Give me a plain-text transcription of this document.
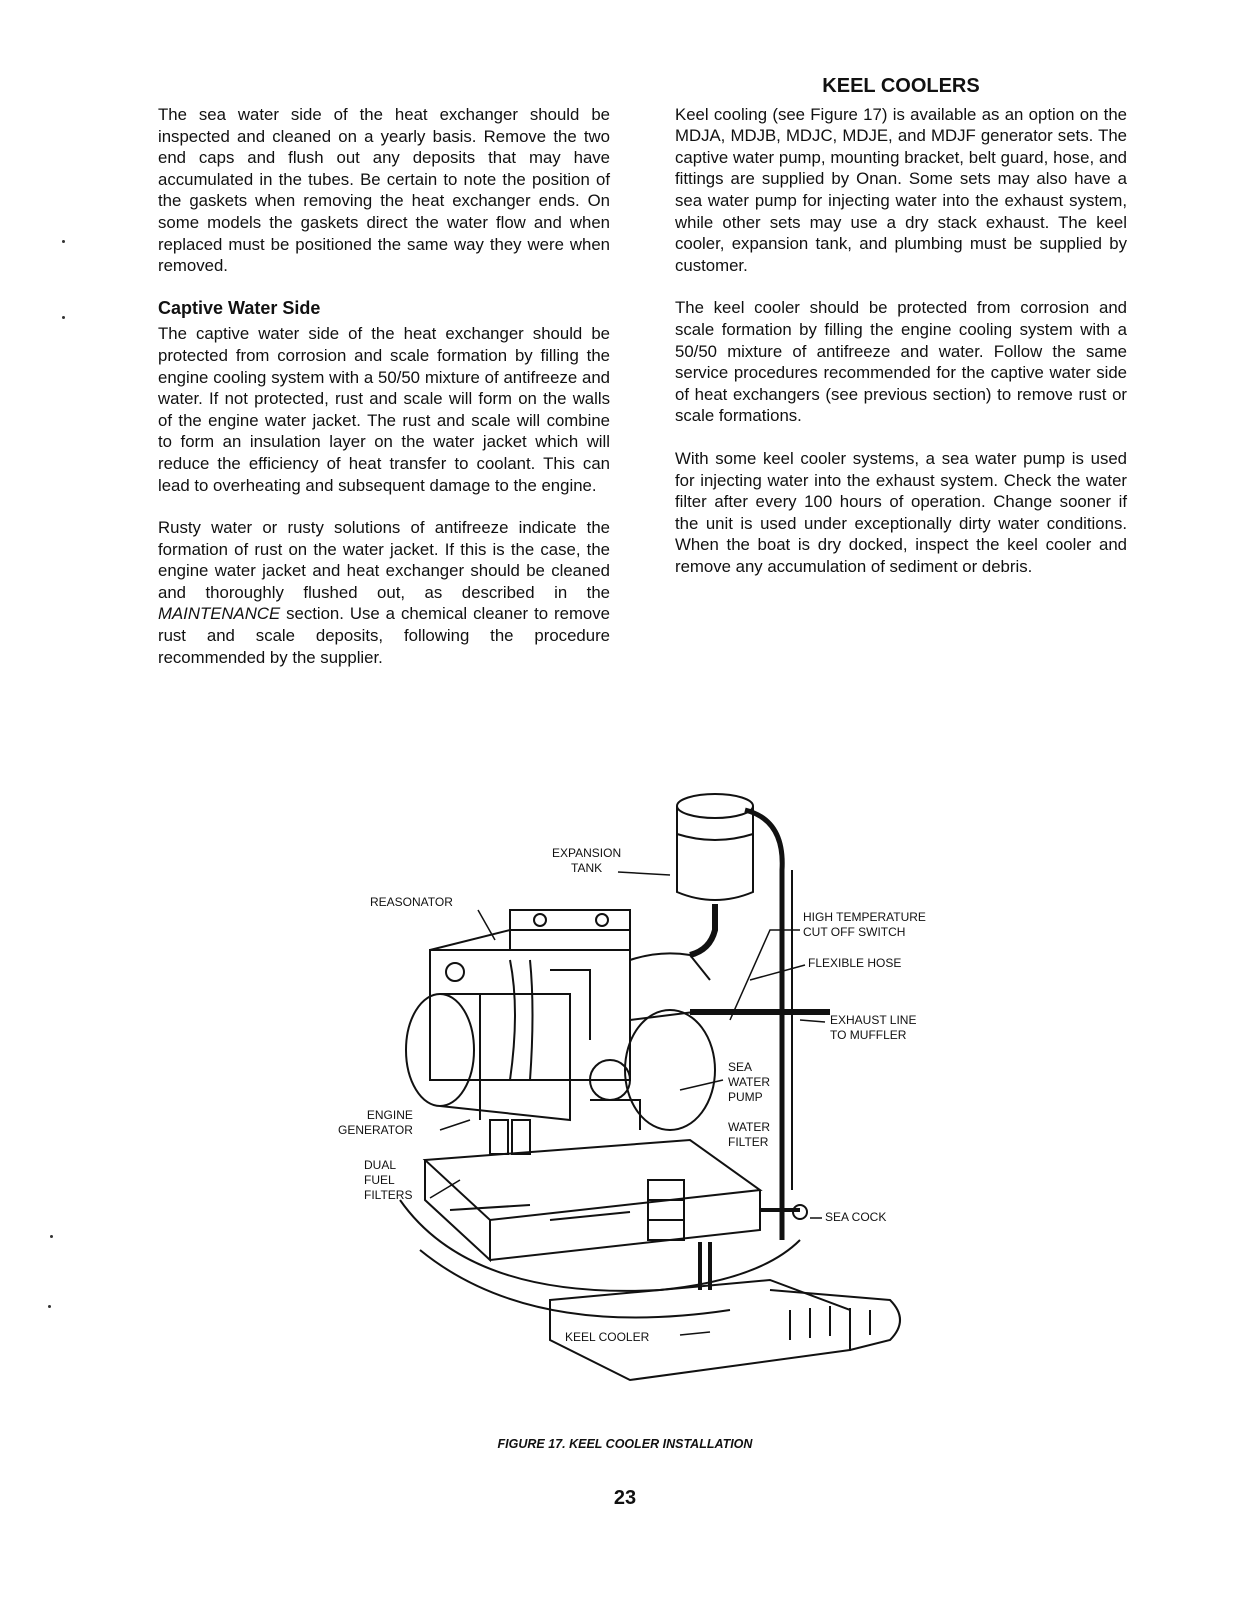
The sea water side of the heat exchanger should be inspected and cleaned on a yearly basis. Remove the two end caps and flush out any deposits that may have accumulated in the tubes. Be certain to note the position of the gaskets when removing the heat exchanger ends. On some models the gaskets direct the water flow and when replaced must be positioned the same way they were when removed.

Captive Water Side

The captive water side of the heat exchanger should be protected from corrosion and scale formation by filling the engine cooling system with a 50/50 mixture of antifreeze and water. If not protected, rust and scale will form on the walls of the engine water jacket. The rust and scale will combine to form an insulation layer on the water jacket which will reduce the efficiency of heat transfer to coolant. This can lead to overheating and subsequent damage to the engine.

Rusty water or rusty solutions of antifreeze indicate the formation of rust on the water jacket. If this is the case, the engine water jacket and heat exchanger should be cleaned and thoroughly flushed out, as described in the MAINTENANCE section. Use a chemical cleaner to remove rust and scale deposits, following the procedure recommended by the supplier.

KEEL COOLERS

Keel cooling (see Figure 17) is available as an option on the MDJA, MDJB, MDJC, MDJE, and MDJF generator sets. The captive water pump, mounting bracket, belt guard, hose, and fittings are supplied by Onan. Some sets may also have a sea water pump for injecting water into the exhaust system, while other sets may use a dry stack exhaust. The keel cooler, expansion tank, and plumbing must be supplied by customer.

The keel cooler should be protected from corrosion and scale formation by filling the engine cooling system with a 50/50 mixture of antifreeze and water. Follow the same service procedures recommended for the captive water side of heat exchangers (see previous section) to remove rust or scale formations.

With some keel cooler systems, a sea water pump is used for injecting water into the exhaust system. Check the water filter after every 100 hours of operation. Change sooner if the unit is used under exceptionally dirty water conditions. When the boat is dry docked, inspect the keel cooler and remove any accumulation of sediment or debris.

EXPANSION
TANK
REASONATOR
HIGH TEMPERATURE
CUT OFF SWITCH
FLEXIBLE HOSE
EXHAUST LINE
TO MUFFLER
SEA
WATER
PUMP
WATER
FILTER
ENGINE
GENERATOR
DUAL
FUEL
FILTERS
SEA COCK
KEEL COOLER
FIGURE 17. KEEL COOLER INSTALLATION
23
